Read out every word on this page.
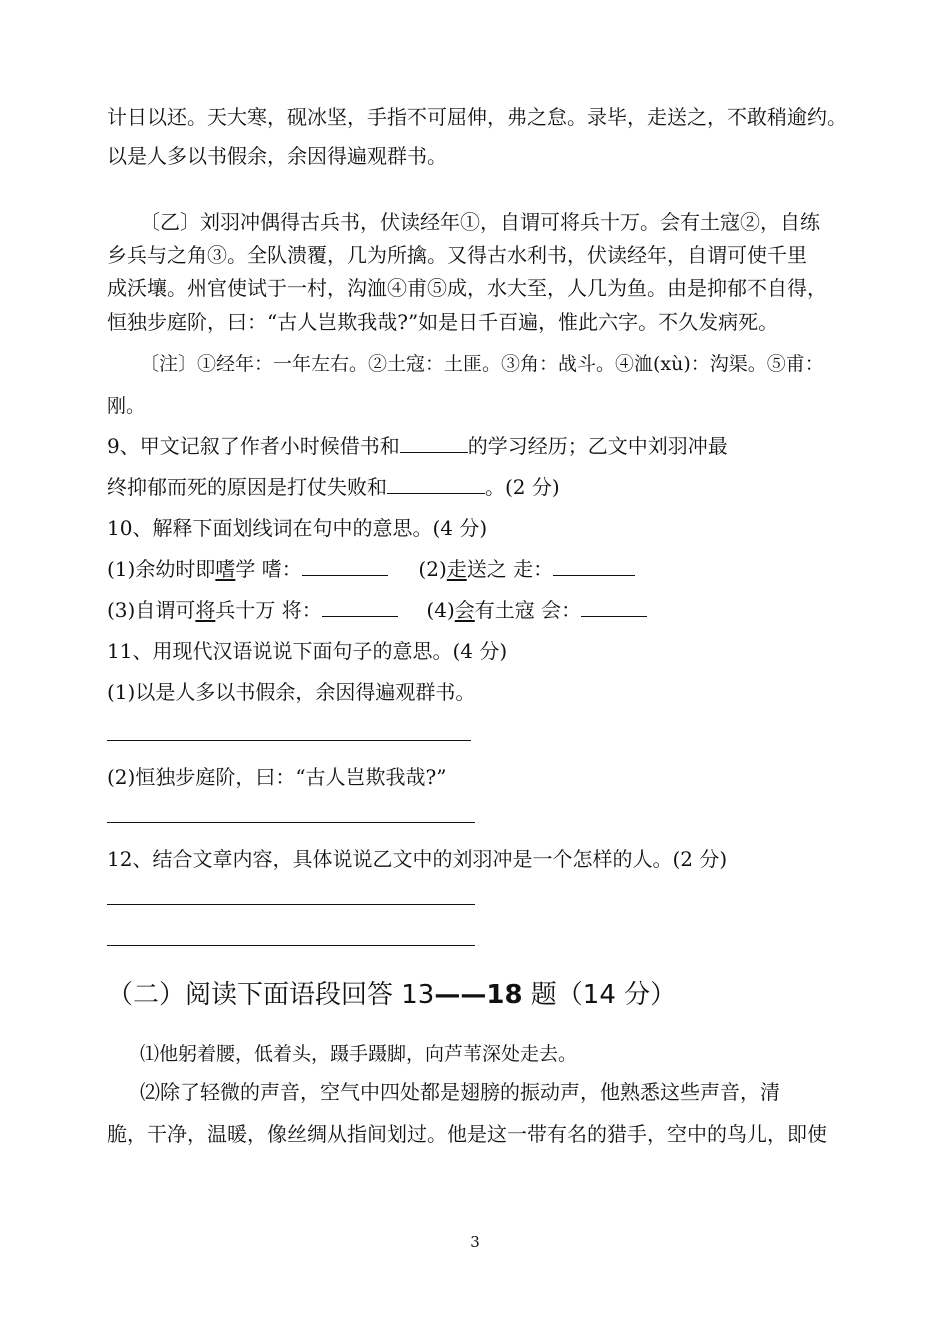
计日以还。天大寒，砚冰坚，手指不可屈伸，弗之怠。录毕，走送之，不敢稍逾约。
以是人多以书假余，余因得遍观群书。
〔乙〕刘羽冲偶得古兵书，伏读经年①，自谓可将兵十万。会有土寇②，自练
乡兵与之角③。全队溃覆，几为所擒。又得古水利书，伏读经年，自谓可使千里
成沃壤。州官使试于一村，沟洫④甫⑤成，水大至，人几为鱼。由是抑郁不自得，
恒独步庭阶，曰：“古人岂欺我哉?”如是日千百遍，惟此六字。不久发病死。
〔注〕①经年：一年左右。②土寇：土匪。③角：战斗。④洫(xù)：沟渠。⑤甫：
刚。
9、甲文记叙了作者小时候借书和	的学习经历；乙文中刘羽冲最
终抑郁而死的原因是打仗失败和	。(2 分)
10、解释下面划线词在句中的意思。(4 分)
(1)余幼时即嗜学 嗜：	(2)走送之 走：
(3)自谓可将兵十万 将：	(4)会有土寇 会：
11、用现代汉语说说下面句子的意思。(4 分)
(1)以是人多以书假余，余因得遍观群书。
(2)恒独步庭阶，曰：“古人岂欺我哉?”
12、结合文章内容，具体说说乙文中的刘羽冲是一个怎样的人。(2 分)
（二）阅读下面语段回答 13——18 题（14 分）
⑴他躬着腰，低着头，蹑手蹑脚，向芦苇深处走去。
⑵除了轻微的声音，空气中四处都是翅膀的振动声，他熟悉这些声音，清
脆，干净，温暖，像丝绸从指间划过。他是这一带有名的猎手，空中的鸟儿，即使
3
